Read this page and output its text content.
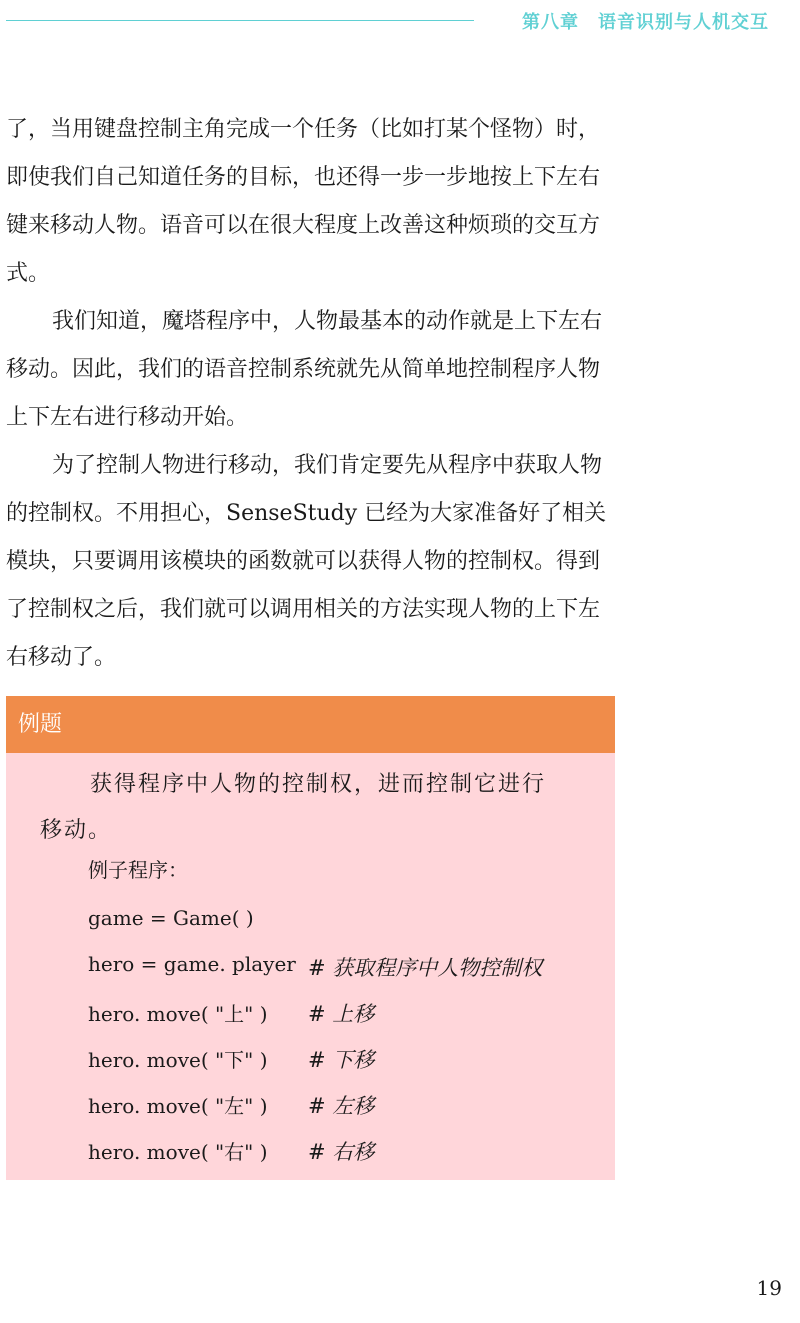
第八章　语音识别与人机交互

了，当用键盘控制主角完成一个任务（比如打某个怪物）时，即使我们自己知道任务的目标，也还得一步一步地按上下左右键来移动人物。语音可以在很大程度上改善这种烦琐的交互方式。

我们知道，魔塔程序中，人物最基本的动作就是上下左右移动。因此，我们的语音控制系统就先从简单地控制程序人物上下左右进行移动开始。

为了控制人物进行移动，我们肯定要先从程序中获取人物的控制权。不用担心，SenseStudy 已经为大家准备好了相关模块，只要调用该模块的函数就可以获得人物的控制权。得到了控制权之后，我们就可以调用相关的方法实现人物的上下左右移动了。

例题
获得程序中人物的控制权，进而控制它进行
移动。
例子程序：
game = Game( )
hero = game. player # 获取程序中人物控制权
hero. move( "上" ) # 上移
hero. move( "下" ) # 下移
hero. move( "左" ) # 左移
hero. move( "右" ) # 右移
19
